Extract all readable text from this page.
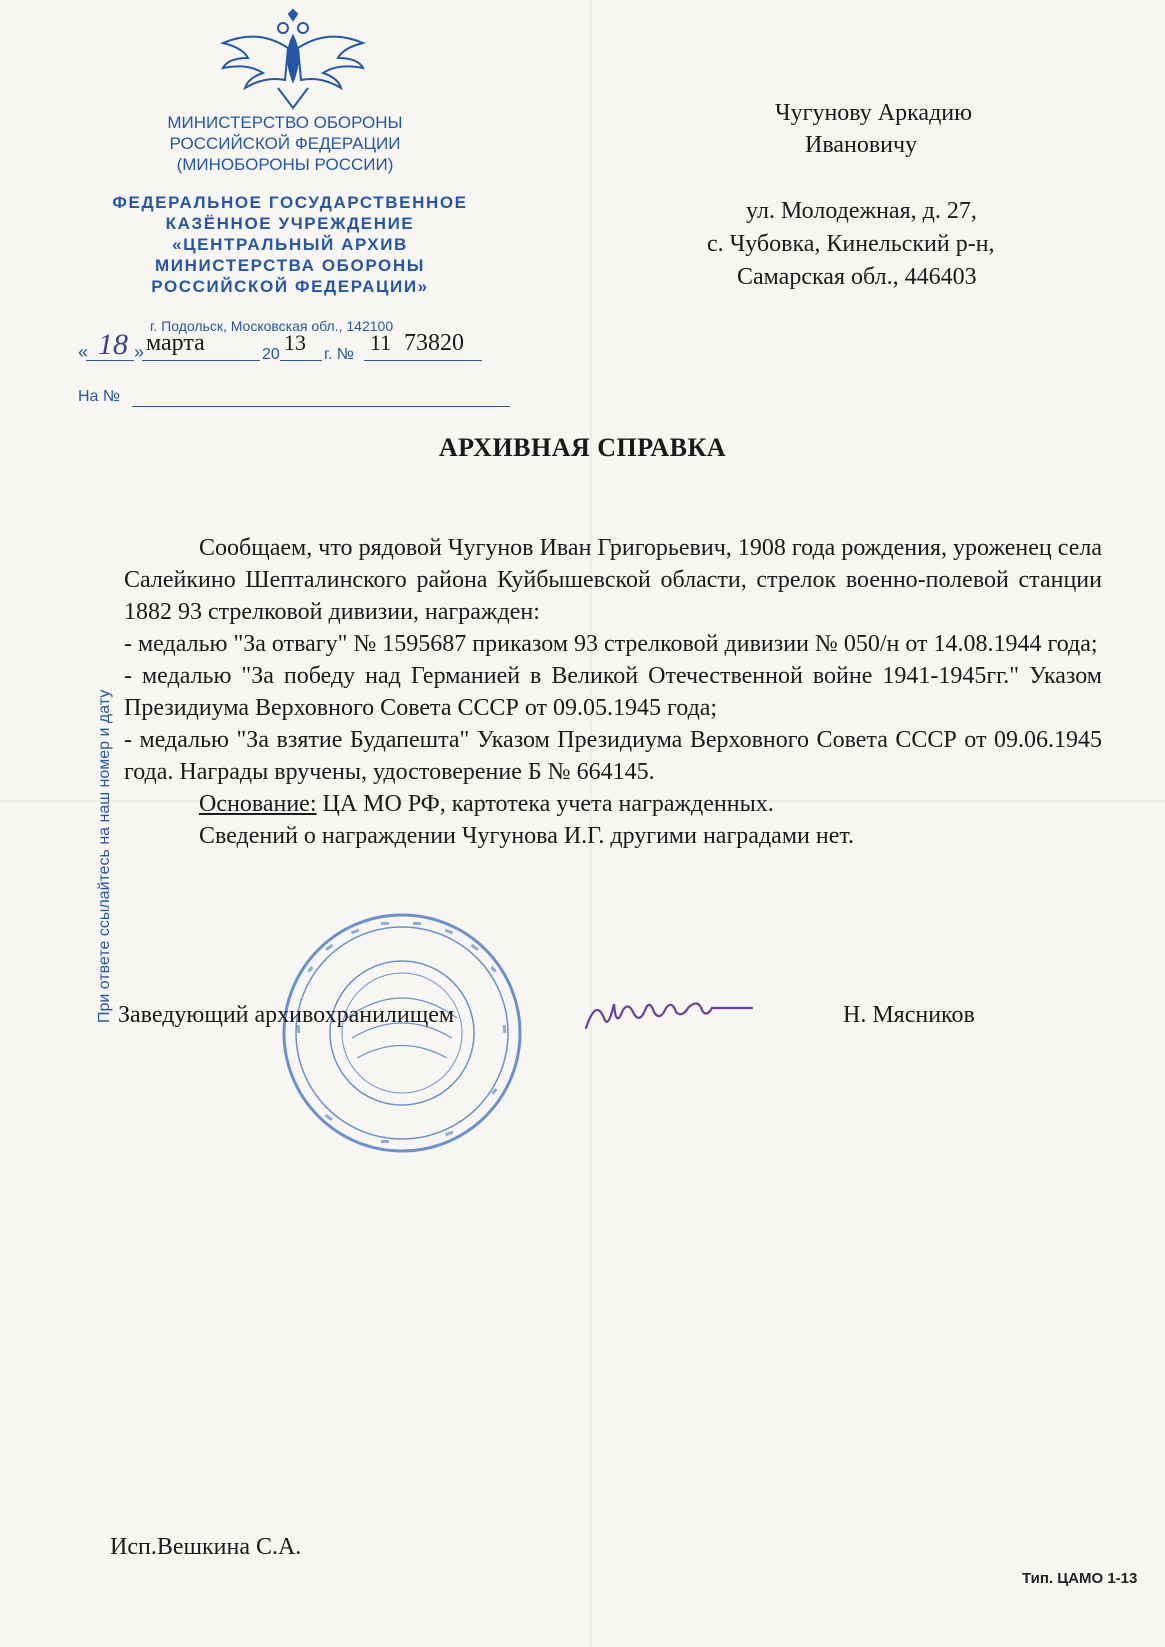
МИНИСТЕРСТВО ОБОРОНЫ
РОССИЙСКОЙ ФЕДЕРАЦИИ
(МИНОБОРОНЫ РОССИИ)
ФЕДЕРАЛЬНОЕ ГОСУДАРСТВЕННОЕ
КАЗЁННОЕ УЧРЕЖДЕНИЕ
«ЦЕНТРАЛЬНЫЙ АРХИВ
МИНИСТЕРСТВА ОБОРОНЫ
РОССИЙСКОЙ ФЕДЕРАЦИИ»
г. Подольск, Московская обл., 142100
« 18 » марта	20 13 г. № 11 73820
На №
Чугунову Аркадию
Ивановичу
ул. Молодежная, д. 27,
с. Чубовка, Кинельский р-н,
Самарская обл., 446403
АРХИВНАЯ СПРАВКА

Сообщаем, что рядовой Чугунов Иван Григорьевич, 1908 года рождения, уроженец села Салейкино Шепталинского района Куйбышевской области, стрелок военно-полевой станции 1882 93 стрелковой дивизии, награжден:

- медалью "За отвагу" № 1595687 приказом 93 стрелковой дивизии № 050/н от 14.08.1944 года;

- медалью "За победу над Германией в Великой Отечественной войне 1941-1945гг." Указом Президиума Верховного Совета СССР от 09.05.1945 года;

- медалью "За взятие Будапешта" Указом Президиума Верховного Совета СССР от 09.06.1945 года. Награды вручены, удостоверение Б № 664145.

Основание: ЦА МО РФ, картотека учета награжденных.

Сведений о награждении Чугунова И.Г. другими наградами нет.

Заведующий архивохранилищем	Н. Мясников
При ответе ссылайтесь на наш номер и дату
Исп.Вешкина С.А.
Тип. ЦАМО 1-13
